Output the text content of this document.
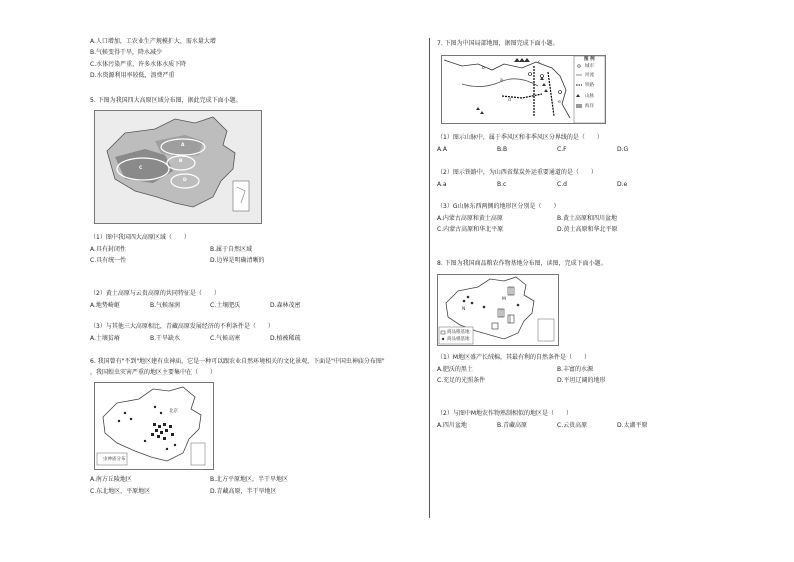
A.人口增加，工农业生产规模扩大，需水量大增
B.气候变得干旱，降水减少
C.水体污染严重，许多水体水质下降
D.水资源利用率较低，浪费严重
5. 下图为我国四大高原区域分布图，据此完成下面小题。
A
B
C
D
（1）图中我国四大高原区域（　　）
A.具有封闭性	B.属于自然区域
C.具有统一性	D.边界是明确清晰的
（2）黄土高原与云贵高原的共同特征是（　　）
A.地势崎岖	B.气候湿润	C.土壤肥沃	D.森林茂密
（3）与其他三大高原相比，青藏高原发展经济的不利条件是（　　）
A.土壤贫瘠	B.干旱缺水	C.气候高寒	D.植被稀疏
6. 我国曾有"不到"地区建有虫神庙，它是一种可以跟农业自然环境相关的文化景观，下面是"中国虫神庙分布图"
，我国蝗虫灾害严重的地区主要集中在（　　）
北京
虫神庙分布
A.南方丘陵地区	B.北方平原地区，半干旱地区
C.东北地区，平原地区	D.青藏高原，半干旱地区
7. 下图为中国局部地图，据图完成下面小题。
a
b
c
d	e
图 例
城市
河流
铁路
山脉
海洋
（1）图示山脉中，属于季风区和非季风区分界线的是（　　）
A.A	B.B	C.F	D.G
（2）图示铁路中，为山西省煤炭外运重要通道的是（　　）
A.a	B.c	C.d	D.e
（3）G山脉东西两侧的地形区分别是（　　）
A.内蒙古高原和黄土高原	B.黄土高原和四川盆地
C.内蒙古高原和华北平原	D.黄土高原和华北平原
8. 下图为我国商品粮农作物基地分布图，读图，完成下面小题。
M
N
商品粮基地
商品棉基地
（1）M地区盛产长绒棉，其最有利的自然条件是（　　）
A.肥沃的黑土	B.丰富的水源
C.充足的光照条件	D.平坦辽阔的地形
（2）与图中M地农作物熟制相似的地区是（　　）
A.四川盆地	B.青藏高原	C.云贵高原	D.太湖平原
